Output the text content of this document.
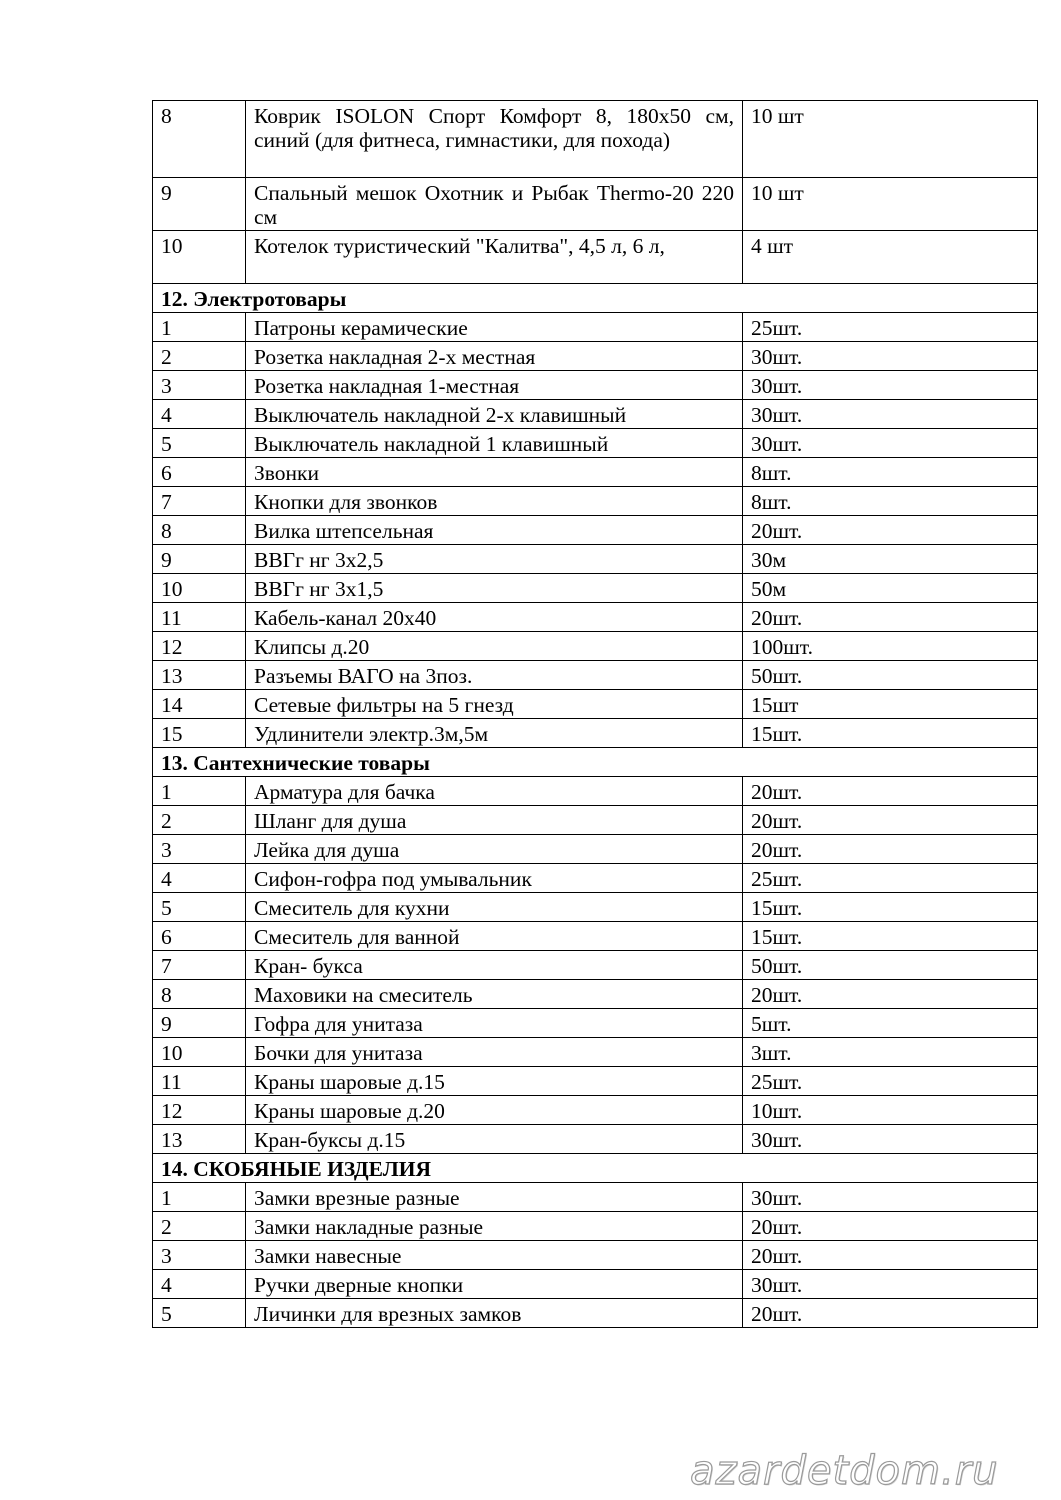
8	Коврик ISOLON Спорт Комфорт 8, 180х50 см, синий (для фитнеса, гимнастики, для похода)	10 шт
9	Спальный мешок Охотник и Рыбак Thermo-20 220 см	10 шт
10	Котелок туристический "Калитва", 4,5 л, 6 л,	4 шт
12. Электротовары		
1	Патроны керамические	25шт.
2	Розетка накладная 2-х местная	30шт.
3	Розетка накладная 1-местная	30шт.
4	Выключатель накладной 2-х клавишный	30шт.
5	Выключатель накладной 1 клавишный	30шт.
6	Звонки	8шт.
7	Кнопки для звонков	8шт.
8	Вилка штепсельная	20шт.
9	ВВГг нг 3х2,5	30м
10	ВВГг нг 3х1,5	50м
11	Кабель-канал 20х40	20шт.
12	Клипсы д.20	100шт.
13	Разъемы ВАГО на 3поз.	50шт.
14	Сетевые фильтры на 5 гнезд	15шт
15	Удлинители электр.3м,5м	15шт.
13. Сантехнические товары		
1	Арматура для бачка	20шт.
2	Шланг для душа	20шт.
3	Лейка для душа	20шт.
4	Сифон-гофра под умывальник	25шт.
5	Смеситель для кухни	15шт.
6	Смеситель для ванной	15шт.
7	Кран- букса	50шт.
8	Маховики на смеситель	20шт.
9	Гофра для унитаза	5шт.
10	Бочки для унитаза	3шт.
11	Краны шаровые д.15	25шт.
12	Краны шаровые д.20	10шт.
13	Кран-буксы д.15	30шт.
14. СКОБЯНЫЕ ИЗДЕЛИЯ		
1	Замки врезные разные	30шт.
2	Замки накладные разные	20шт.
3	Замки навесные	20шт.
4	Ручки дверные кнопки	30шт.
5	Личинки для врезных замков	20шт.
azardetdom.ru
